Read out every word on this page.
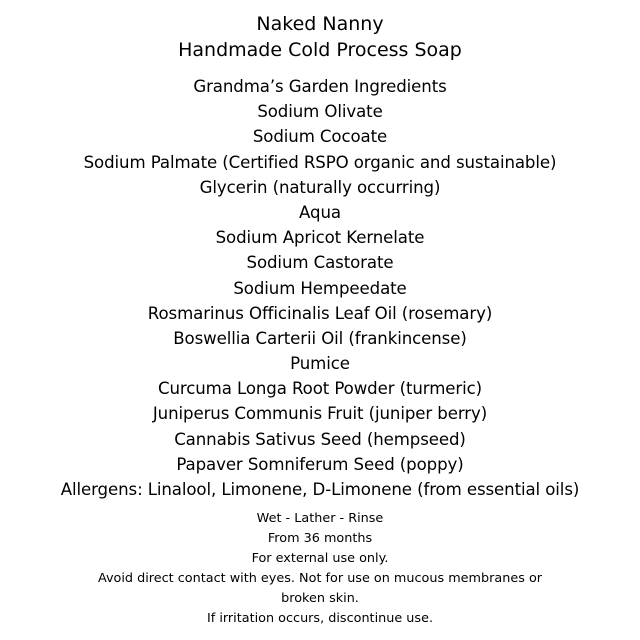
Naked Nanny
Handmade Cold Process Soap
Grandma’s Garden Ingredients
Sodium Olivate
Sodium Cocoate
Sodium Palmate (Certified RSPO organic and sustainable)
Glycerin (naturally occurring)
Aqua
Sodium Apricot Kernelate
Sodium Castorate
Sodium Hempeedate
Rosmarinus Officinalis Leaf Oil (rosemary)
Boswellia Carterii Oil (frankincense)
Pumice
Curcuma Longa Root Powder (turmeric)
Juniperus Communis Fruit (juniper berry)
Cannabis Sativus Seed (hempseed)
Papaver Somniferum Seed (poppy)
Allergens: Linalool, Limonene, D-Limonene (from essential oils)
Wet - Lather - Rinse
From 36 months
For external use only.
Avoid direct contact with eyes. Not for use on mucous membranes or
broken skin.
If irritation occurs, discontinue use.
